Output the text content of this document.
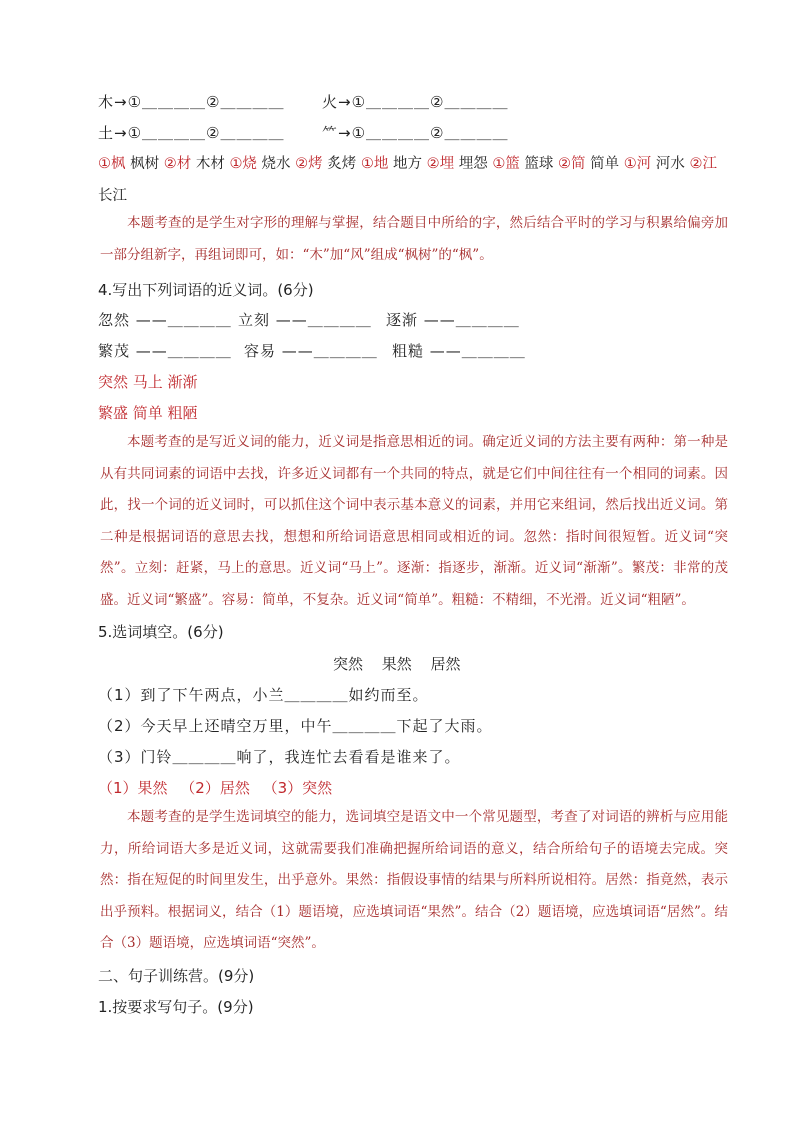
木→①＿＿＿＿②＿＿＿＿	火→①＿＿＿＿②＿＿＿＿
土→①＿＿＿＿②＿＿＿＿	⺮→①＿＿＿＿②＿＿＿＿
①枫 枫树 ②材 木材 ①烧 烧水 ②烤 炙烤 ①地 地方 ②埋 埋怨 ①篮 篮球 ②简 简单 ①河 河水 ②江
长江
本题考查的是学生对字形的理解与掌握，结合题目中所给的字，然后结合平时的学习与积累给偏旁加一部分组新字，再组词即可，如：“木”加“风”组成“枫树”的“枫”。
4.写出下列词语的近义词。(6分)
忽然 ——＿＿＿＿ 立刻 ——＿＿＿＿ 逐渐 ——＿＿＿＿
繁茂 ——＿＿＿＿ 容易 ——＿＿＿＿ 粗糙 ——＿＿＿＿
突然 马上 渐渐
繁盛 简单 粗陋
本题考查的是写近义词的能力，近义词是指意思相近的词。确定近义词的方法主要有两种：第一种是从有共同词素的词语中去找，许多近义词都有一个共同的特点，就是它们中间往往有一个相同的词素。因此，找一个词的近义词时，可以抓住这个词中表示基本意义的词素，并用它来组词，然后找出近义词。第二种是根据词语的意思去找，想想和所给词语意思相同或相近的词。忽然：指时间很短暂。近义词“突然”。立刻：赶紧，马上的意思。近义词“马上”。逐渐：指逐步，渐渐。近义词“渐渐”。繁茂：非常的茂盛。近义词“繁盛”。容易：简单，不复杂。近义词“简单”。粗糙：不精细，不光滑。近义词“粗陋”。
5.选词填空。(6分)
突然 果然 居然
（1）到了下午两点，小兰＿＿＿＿如约而至。
（2）今天早上还晴空万里，中午＿＿＿＿下起了大雨。
（3）门铃＿＿＿＿响了，我连忙去看看是谁来了。
（1）果然 （2）居然 （3）突然
本题考查的是学生选词填空的能力，选词填空是语文中一个常见题型，考查了对词语的辨析与应用能力，所给词语大多是近义词，这就需要我们准确把握所给词语的意义，结合所给句子的语境去完成。突然：指在短促的时间里发生，出乎意外。果然：指假设事情的结果与所料所说相符。居然：指竟然，表示出乎预料。根据词义，结合（1）题语境，应选填词语“果然”。结合（2）题语境，应选填词语“居然”。结合（3）题语境，应选填词语“突然”。
二、句子训练营。(9分)
1.按要求写句子。(9分)
